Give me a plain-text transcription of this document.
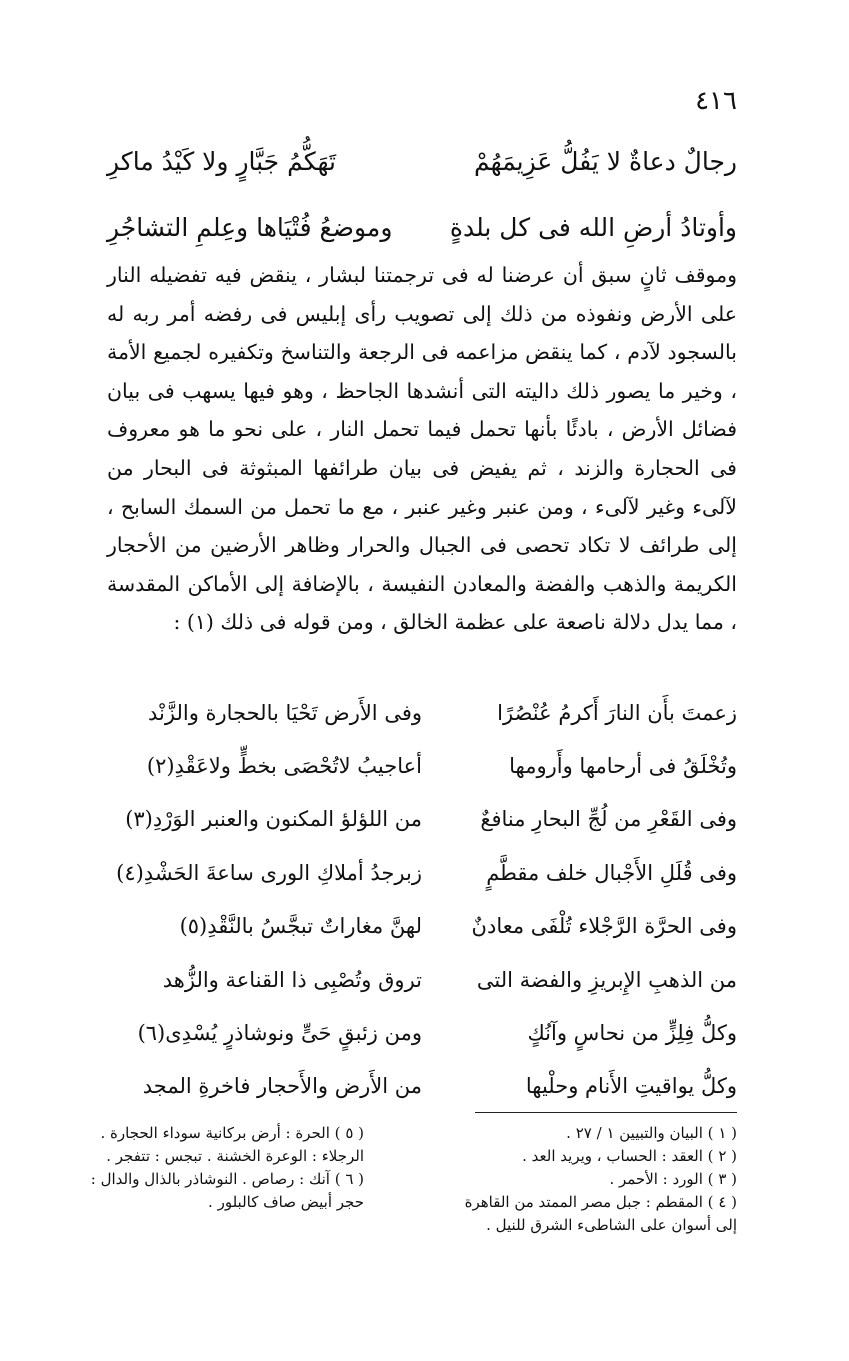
٤١٦
رجالٌ دعاةٌ لا يَفُلُّ عَزِيمَهُمْ
تَهَكُّمُ جَبَّارٍ ولا كَيْدُ ماكرِ
وأوتادُ أرضِ الله فى كل بلدةٍ
وموضعُ فُتْيَاها وعِلمِ التشاجُرِ

وموقف ثانٍ سبق أن عرضنا له فى ترجمتنا لبشار ، ينقض فيه تفضيله النار على الأرض ونفوذه من ذلك إلى تصويب رأى إبليس فى رفضه أمر ربه له بالسجود لآدم ، كما ينقض مزاعمه فى الرجعة والتناسخ وتكفيره لجميع الأمة ، وخير ما يصور ذلك داليته التى أنشدها الجاحظ ، وهو فيها يسهب فى بيان فضائل الأرض ، بادئًا بأنها تحمل فيما تحمل النار ، على نحو ما هو معروف فى الحجارة والزند ، ثم يفيض فى بيان طرائفها المبثوثة فى البحار من لآلىء وغير لآلىء ، ومن عنبر وغير عنبر ، مع ما تحمل من السمك السابح ، إلى طرائف لا تكاد تحصى فى الجبال والحرار وظاهر الأرضين من الأحجار الكريمة والذهب والفضة والمعادن النفيسة ، بالإضافة إلى الأماكن المقدسة ، مما يدل دلالة ناصعة على عظمة الخالق ، ومن قوله فى ذلك (١) :

زعمتَ بأَن النارَ أَكرمُ عُنْصُرًا
وفى الأَرض تَحْيَا بالحجارة والزَّنْد
وتُخْلَقُ فى أرحامها وأَرومها
أعاجيبُ لاتُحْصَى بخطٍّ ولاعَقْدِ(٢)
وفى القَعْرِ من لُجِّ البحارِ منافعٌ
من اللؤلؤ المكنون والعنبر الوَرْدِ(٣)
وفى قُلَلِ الأَجْبال خلف مقطَّمٍ
زبرجدُ أملاكِ الورى ساعةَ الحَشْدِ(٤)
وفى الحرَّة الرَّجْلاء تُلْفَى معادنٌ
لهنَّ مغاراتٌ تبجَّسُ بالنَّقْدِ(٥)
من الذهبِ الإِبريزِ والفضة التى
تروق وتُصْبِى ذا القناعة والزُّهد
وكلُّ فِلِزٍّ من نحاسٍ وآنُكٍ
ومن زئبقٍ حَىٍّ ونوشاذرٍ يُسْدِى(٦)
وكلُّ يواقيتِ الأَنام وحلْيها
من الأَرض والأَحجار فاخرةِ المجد

( ١ ) البيان والتبيين ١ / ٢٧ .

( ٢ ) العقد : الحساب ، ويريد العد .

( ٣ ) الورد : الأحمر .

( ٤ ) المقطم : جبل مصر الممتد من القاهرة

إلى أسوان على الشاطىء الشرق للنيل .

( ٥ ) الحرة : أرض بركانية سوداء الحجارة .

الرجلاء : الوعرة الخشنة . تبجس : تتفجر .

( ٦ ) آنك : رصاص . النوشاذر بالذال والدال :

حجر أبيض صاف كالبلور .
